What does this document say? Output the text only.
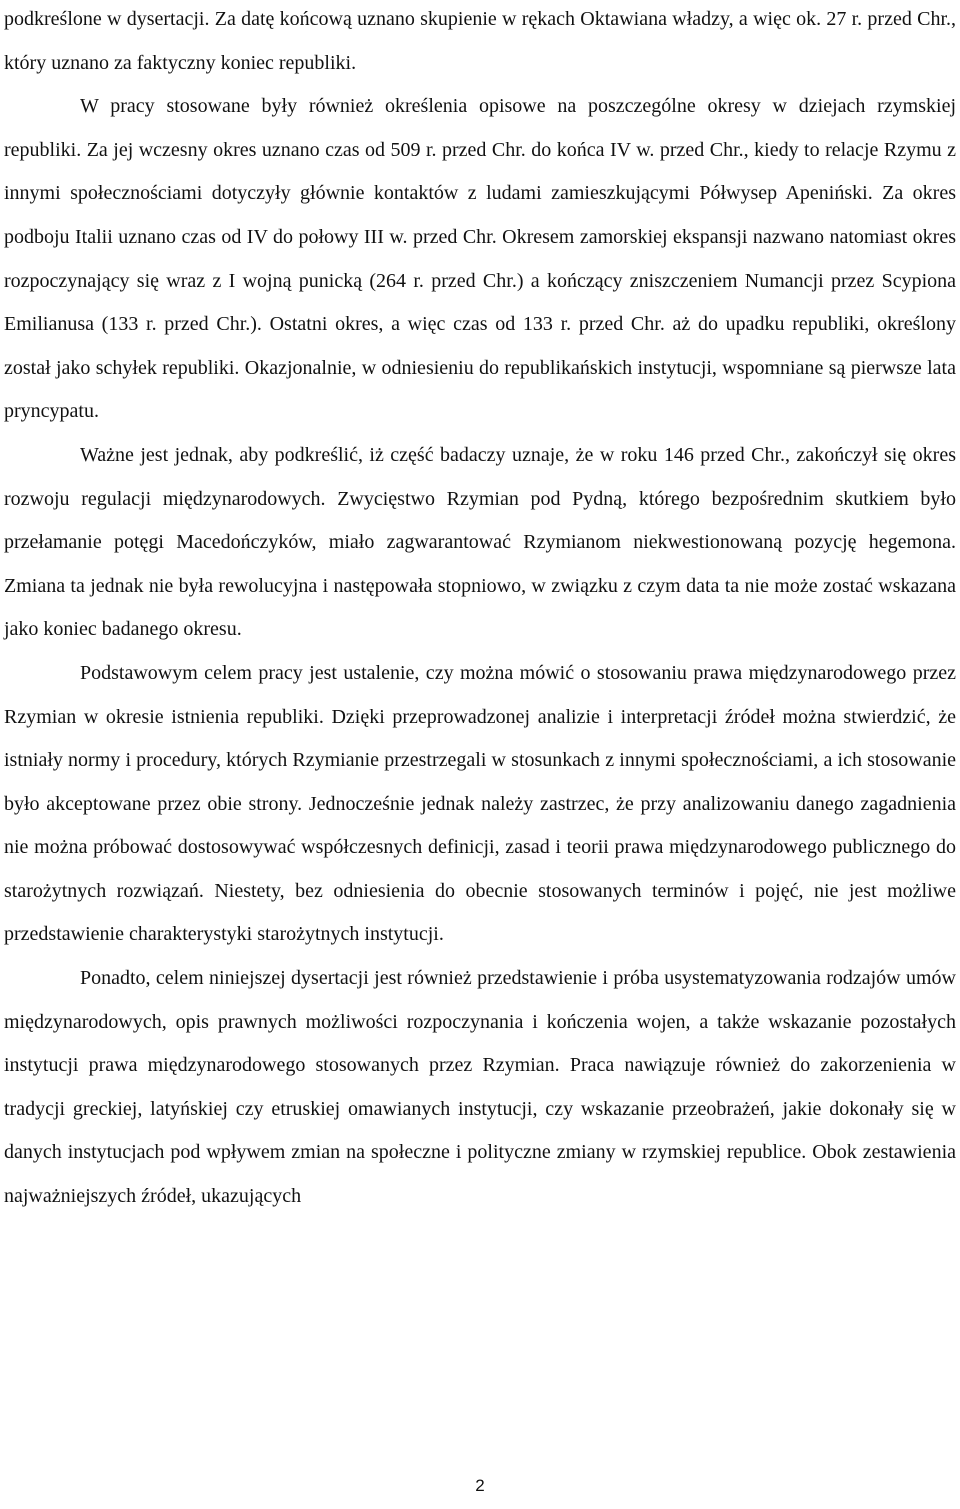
podkreślone w dysertacji. Za datę końcową uznano skupienie w rękach Oktawiana władzy, a więc ok. 27 r. przed Chr., który uznano za faktyczny koniec republiki.

W pracy stosowane były również określenia opisowe na poszczególne okresy w dziejach rzymskiej republiki. Za jej wczesny okres uznano czas od 509 r. przed Chr. do końca IV w. przed Chr., kiedy to relacje Rzymu z innymi społecznościami dotyczyły głównie kontaktów z ludami zamieszkującymi Półwysep Apeniński. Za okres podboju Italii uznano czas od IV do połowy III w. przed Chr. Okresem zamorskiej ekspansji nazwano natomiast okres rozpoczynający się wraz z I wojną punicką (264 r. przed Chr.) a kończący zniszczeniem Numancji przez Scypiona Emilianusa (133 r. przed Chr.). Ostatni okres, a więc czas od 133 r. przed Chr. aż do upadku republiki, określony został jako schyłek republiki. Okazjonalnie, w odniesieniu do republikańskich instytucji, wspomniane są pierwsze lata pryncypatu.

Ważne jest jednak, aby podkreślić, iż część badaczy uznaje, że w roku 146 przed Chr., zakończył się okres rozwoju regulacji międzynarodowych. Zwycięstwo Rzymian pod Pydną, którego bezpośrednim skutkiem było przełamanie potęgi Macedończyków, miało zagwarantować Rzymianom niekwestionowaną pozycję hegemona. Zmiana ta jednak nie była rewolucyjna i następowała stopniowo, w związku z czym data ta nie może zostać wskazana jako koniec badanego okresu.

Podstawowym celem pracy jest ustalenie, czy można mówić o stosowaniu prawa międzynarodowego przez Rzymian w okresie istnienia republiki. Dzięki przeprowadzonej analizie i interpretacji źródeł można stwierdzić, że istniały normy i procedury, których Rzymianie przestrzegali w stosunkach z innymi społecznościami, a ich stosowanie było akceptowane przez obie strony. Jednocześnie jednak należy zastrzec, że przy analizowaniu danego zagadnienia nie można próbować dostosowywać współczesnych definicji, zasad i teorii prawa międzynarodowego publicznego do starożytnych rozwiązań. Niestety, bez odniesienia do obecnie stosowanych terminów i pojęć, nie jest możliwe przedstawienie charakterystyki starożytnych instytucji.

Ponadto, celem niniejszej dysertacji jest również przedstawienie i próba usystematyzowania rodzajów umów międzynarodowych, opis prawnych możliwości rozpoczynania i kończenia wojen, a także wskazanie pozostałych instytucji prawa międzynarodowego stosowanych przez Rzymian. Praca nawiązuje również do zakorzenienia w tradycji greckiej, latyńskiej czy etruskiej omawianych instytucji, czy wskazanie przeobrażeń, jakie dokonały się w danych instytucjach pod wpływem zmian na społeczne i polityczne zmiany w rzymskiej republice. Obok zestawienia najważniejszych źródeł, ukazujących

2
